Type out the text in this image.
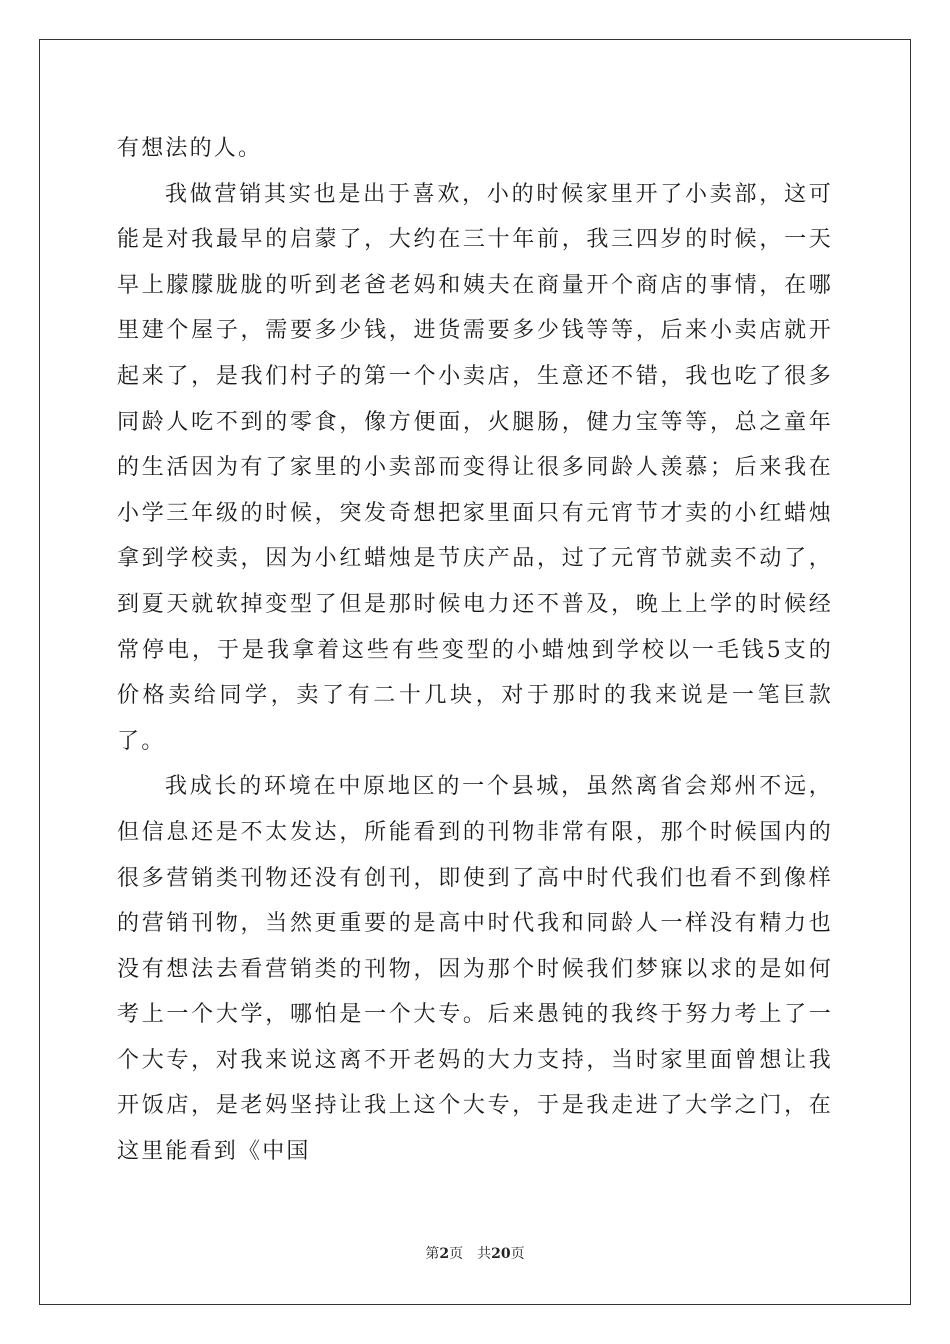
有想法的人。

我做营销其实也是出于喜欢，小的时候家里开了小卖部，这可能是对我最早的启蒙了，大约在三十年前，我三四岁的时候，一天早上朦朦胧胧的听到老爸老妈和姨夫在商量开个商店的事情，在哪里建个屋子，需要多少钱，进货需要多少钱等等，后来小卖店就开起来了，是我们村子的第一个小卖店，生意还不错，我也吃了很多同龄人吃不到的零食，像方便面，火腿肠，健力宝等等，总之童年的生活因为有了家里的小卖部而变得让很多同龄人羡慕；后来我在小学三年级的时候，突发奇想把家里面只有元宵节才卖的小红蜡烛拿到学校卖，因为小红蜡烛是节庆产品，过了元宵节就卖不动了，到夏天就软掉变型了但是那时候电力还不普及，晚上上学的时候经常停电，于是我拿着这些有些变型的小蜡烛到学校以一毛钱5支的价格卖给同学，卖了有二十几块，对于那时的我来说是一笔巨款了。

我成长的环境在中原地区的一个县城，虽然离省会郑州不远，但信息还是不太发达，所能看到的刊物非常有限，那个时候国内的很多营销类刊物还没有创刊，即使到了高中时代我们也看不到像样的营销刊物，当然更重要的是高中时代我和同龄人一样没有精力也没有想法去看营销类的刊物，因为那个时候我们梦寐以求的是如何考上一个大学，哪怕是一个大专。后来愚钝的我终于努力考上了一个大专，对我来说这离不开老妈的大力支持，当时家里面曾想让我开饭店，是老妈坚持让我上这个大专，于是我走进了大学之门，在这里能看到《中国

第2页 共20页
